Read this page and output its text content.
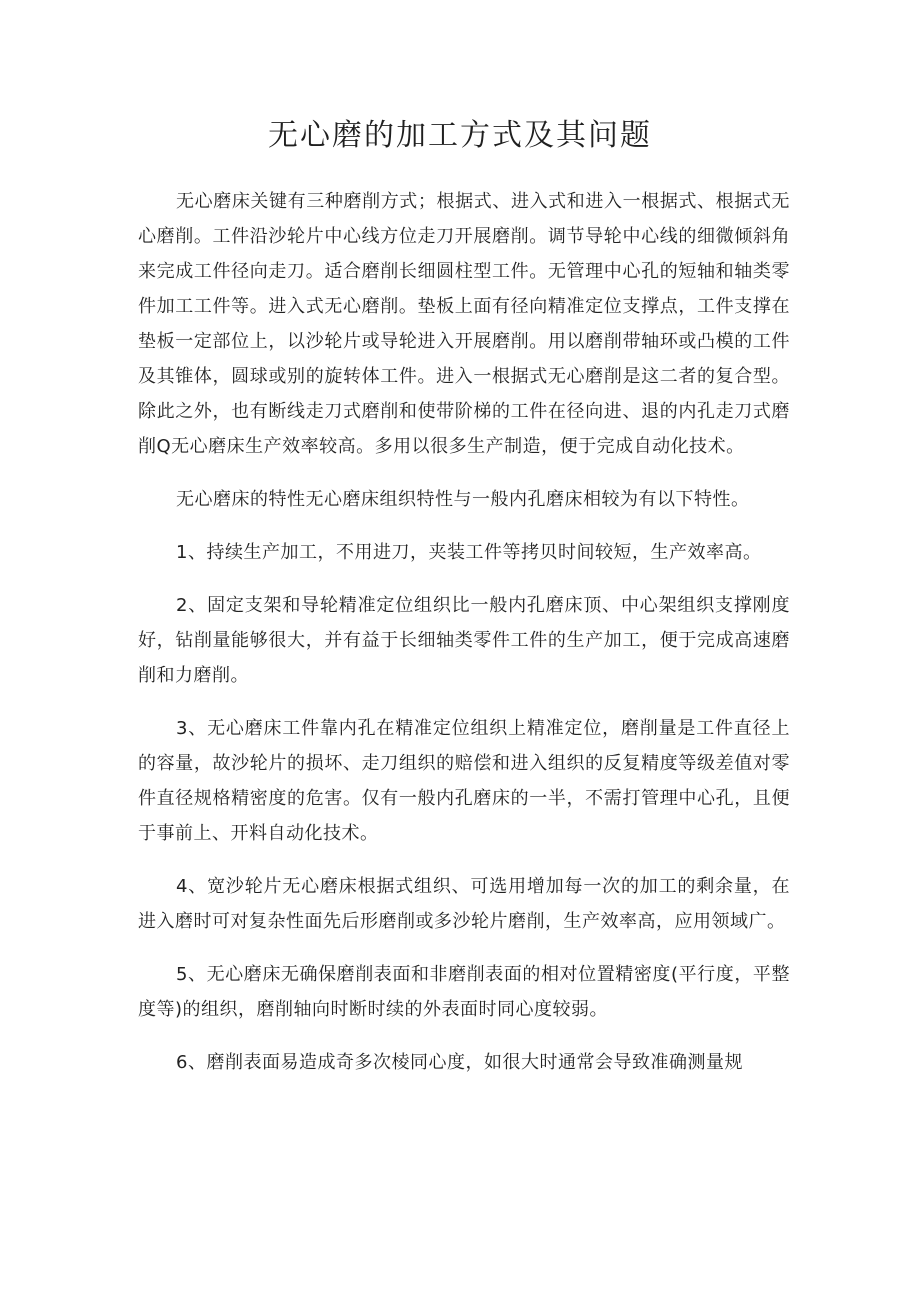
无心磨的加工方式及其问题

无心磨床关键有三种磨削方式；根据式、进入式和进入一根据式、根据式无心磨削。工件沿沙轮片中心线方位走刀开展磨削。调节导轮中心线的细微倾斜角来完成工件径向走刀。适合磨削长细圆柱型工件。无管理中心孔的短轴和轴类零件加工工件等。进入式无心磨削。垫板上面有径向精准定位支撑点，工件支撑在垫板一定部位上，以沙轮片或导轮进入开展磨削。用以磨削带轴环或凸模的工件及其锥体，圆球或别的旋转体工件。进入一根据式无心磨削是这二者的复合型。除此之外，也有断线走刀式磨削和使带阶梯的工件在径向进、退的内孔走刀式磨削Q无心磨床生产效率较高。多用以很多生产制造，便于完成自动化技术。

无心磨床的特性无心磨床组织特性与一般内孔磨床相较为有以下特性。

1、持续生产加工，不用进刀，夹装工件等拷贝时间较短，生产效率高。

2、固定支架和导轮精准定位组织比一般内孔磨床顶、中心架组织支撑刚度好，钻削量能够很大，并有益于长细轴类零件工件的生产加工，便于完成高速磨削和力磨削。

3、无心磨床工件靠内孔在精准定位组织上精准定位，磨削量是工件直径上的容量，故沙轮片的损坏、走刀组织的赔偿和进入组织的反复精度等级差值对零件直径规格精密度的危害。仅有一般内孔磨床的一半，不需打管理中心孔，且便于事前上、开料自动化技术。

4、宽沙轮片无心磨床根据式组织、可选用增加每一次的加工的剩余量，在进入磨时可对复杂性面先后形磨削或多沙轮片磨削，生产效率高，应用领域广。

5、无心磨床无确保磨削表面和非磨削表面的相对位置精密度(平行度，平整度等)的组织，磨削轴向时断时续的外表面时同心度较弱。

6、磨削表面易造成奇多次棱同心度，如很大时通常会导致准确测量规
